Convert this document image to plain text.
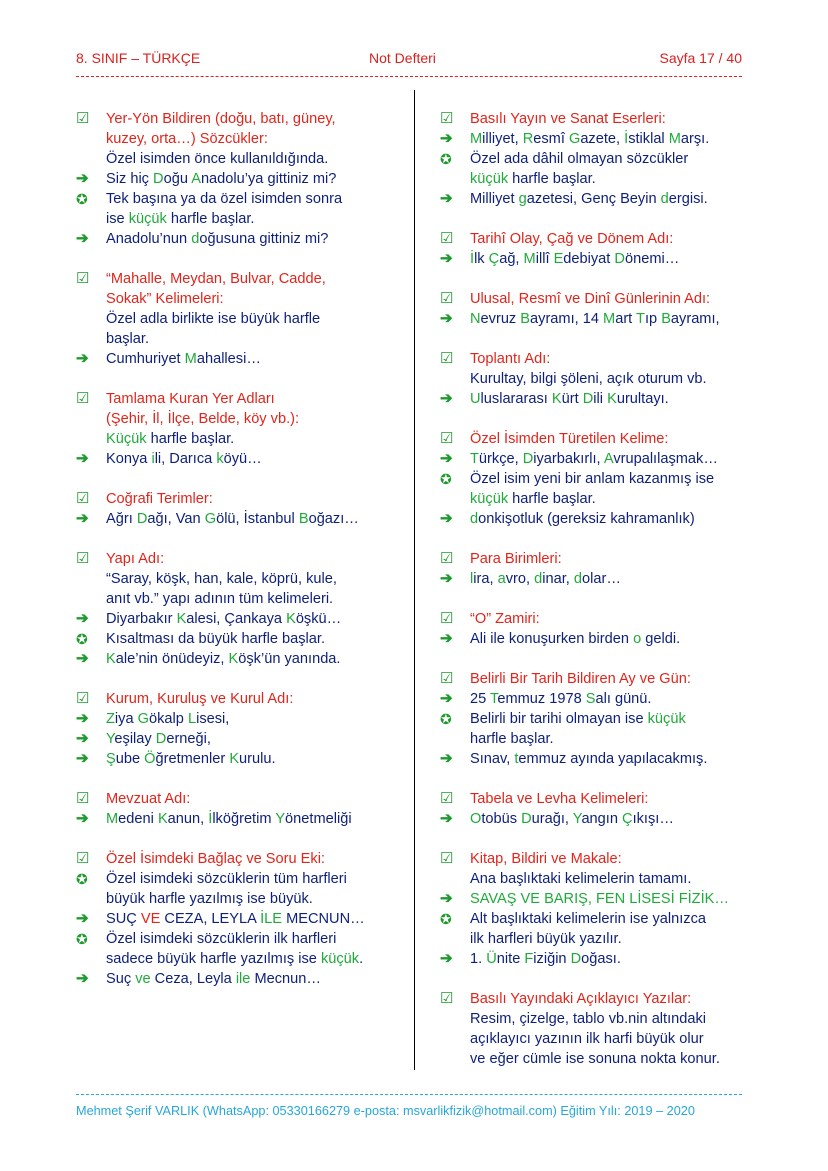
8. SINIF – TÜRKÇE	Not Defteri	Sayfa 17 / 40
☑	Yer-Yön Bildiren (doğu, batı, güney,
kuzey, orta…) Sözcükler:
Özel isimden önce kullanıldığında.
➔	Siz hiç Doğu Anadolu’ya gittiniz mi?
✪	Tek başına ya da özel isimden sonra
ise küçük harfle başlar.
➔	Anadolu’nun doğusuna gittiniz mi?
☑	“Mahalle, Meydan, Bulvar, Cadde,
Sokak” Kelimeleri:
Özel adla birlikte ise büyük harfle
başlar.
➔	Cumhuriyet Mahallesi…
☑	Tamlama Kuran Yer Adları
(Şehir, İl, İlçe, Belde, köy vb.):
Küçük harfle başlar.
➔	Konya ili, Darıca köyü…
☑	Coğrafi Terimler:
➔	Ağrı Dağı, Van Gölü, İstanbul Boğazı…
☑	Yapı Adı:
“Saray, köşk, han, kale, köprü, kule,
anıt vb.” yapı adının tüm kelimeleri.
➔	Diyarbakır Kalesi, Çankaya Köşkü…
✪	Kısaltması da büyük harfle başlar.
➔	Kale’nin önüdeyiz, Köşk’ün yanında.
☑	Kurum, Kuruluş ve Kurul Adı:
➔	Ziya Gökalp Lisesi,
➔	Yeşilay Derneği,
➔	Şube Öğretmenler Kurulu.
☑	Mevzuat Adı:
➔	Medeni Kanun, İlköğretim Yönetmeliği
☑	Özel İsimdeki Bağlaç ve Soru Eki:
✪	Özel isimdeki sözcüklerin tüm harfleri
büyük harfle yazılmış ise büyük.
➔	SUÇ VE CEZA, LEYLA İLE MECNUN…
✪	Özel isimdeki sözcüklerin ilk harfleri
sadece büyük harfle yazılmış ise küçük.
➔	Suç ve Ceza, Leyla ile Mecnun…
☑	Basılı Yayın ve Sanat Eserleri:
➔	Milliyet, Resmî Gazete, İstiklal Marşı.
✪	Özel ada dâhil olmayan sözcükler
küçük harfle başlar.
➔	Milliyet gazetesi, Genç Beyin dergisi.
☑	Tarihî Olay, Çağ ve Dönem Adı:
➔	İlk Çağ, Millî Edebiyat Dönemi…
☑	Ulusal, Resmî ve Dinî Günlerinin Adı:
➔	Nevruz Bayramı, 14 Mart Tıp Bayramı,
☑	Toplantı Adı:
Kurultay, bilgi şöleni, açık oturum vb.
➔	Uluslararası Kürt Dili Kurultayı.
☑	Özel İsimden Türetilen Kelime:
➔	Türkçe, Diyarbakırlı, Avrupalılaşmak…
✪	Özel isim yeni bir anlam kazanmış ise
küçük harfle başlar.
➔	donkişotluk (gereksiz kahramanlık)
☑	Para Birimleri:
➔	lira, avro, dinar, dolar…
☑	“O” Zamiri:
➔	Ali ile konuşurken birden o geldi.
☑	Belirli Bir Tarih Bildiren Ay ve Gün:
➔	25 Temmuz 1978 Salı günü.
✪	Belirli bir tarihi olmayan ise küçük
harfle başlar.
➔	Sınav, temmuz ayında yapılacakmış.
☑	Tabela ve Levha Kelimeleri:
➔	Otobüs Durağı, Yangın Çıkışı…
☑	Kitap, Bildiri ve Makale:
Ana başlıktaki kelimelerin tamamı.
➔	SAVAŞ VE BARIŞ, FEN LİSESİ FİZİK…
✪	Alt başlıktaki kelimelerin ise yalnızca
ilk harfleri büyük yazılır.
➔	1. Ünite Fiziğin Doğası.
☑	Basılı Yayındaki Açıklayıcı Yazılar:
Resim, çizelge, tablo vb.nin altındaki
açıklayıcı yazının ilk harfi büyük olur
ve eğer cümle ise sonuna nokta konur.
Mehmet Şerif VARLIK (WhatsApp: 05330166279 e-posta: msvarlikfizik@hotmail.com) Eğitim Yılı: 2019 – 2020
